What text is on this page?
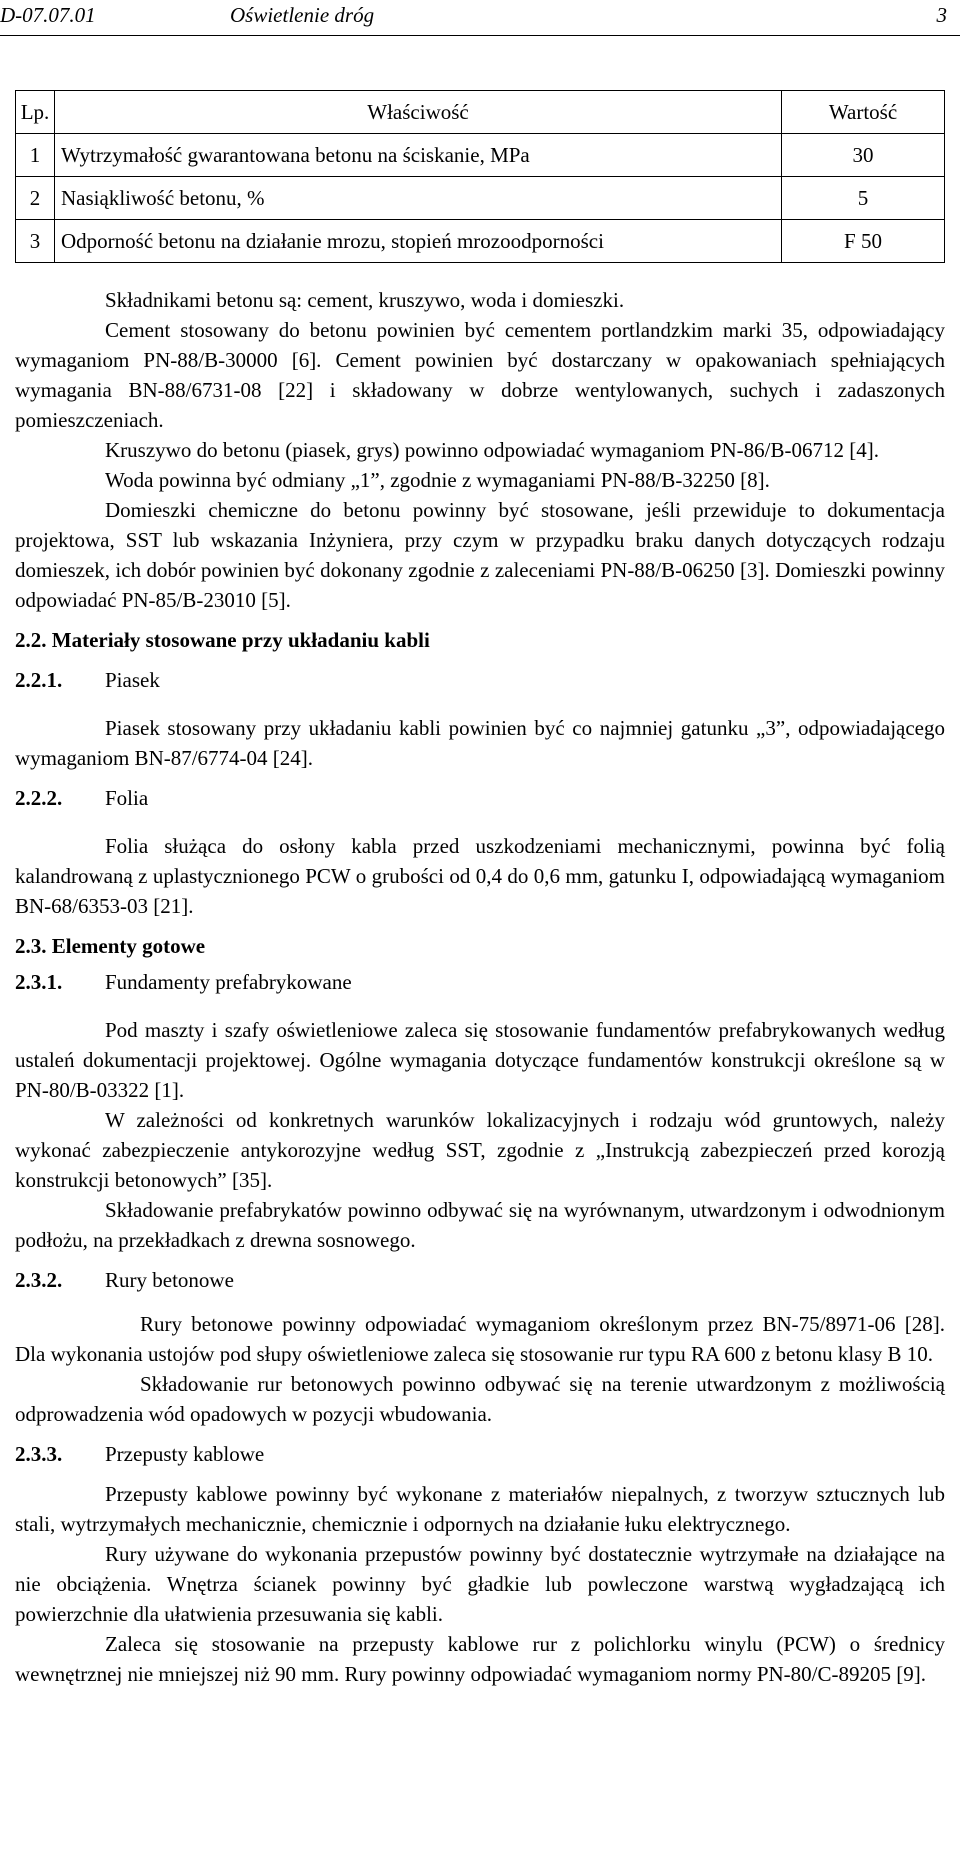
D-07.07.01	Oświetlenie dróg	3
Lp.	Właściwość	Wartość
1	Wytrzymałość gwarantowana betonu na ściskanie, MPa	30
2	Nasiąkliwość betonu, %	5
3	Odporność betonu na działanie mrozu, stopień mrozoodporności	F 50

Składnikami betonu są: cement, kruszywo, woda i domieszki.

Cement stosowany do betonu powinien być cementem portlandzkim marki 35, odpowiadający wymaganiom PN-88/B-30000 [6]. Cement powinien być dostarczany w opakowaniach spełniających wymagania BN-88/6731-08 [22] i składowany w dobrze wentylowanych, suchych i zadaszonych pomieszczeniach.

Kruszywo do betonu (piasek, grys) powinno odpowiadać wymaganiom PN-86/B-06712 [4].

Woda powinna być odmiany „1”, zgodnie z wymaganiami PN-88/B-32250 [8].

Domieszki chemiczne do betonu powinny być stosowane, jeśli przewiduje to dokumentacja projektowa, SST lub wskazania Inżyniera, przy czym w przypadku braku danych dotyczących rodzaju domieszek, ich dobór powinien być dokonany zgodnie z zaleceniami PN-88/B-06250 [3]. Domieszki powinny odpowiadać PN-85/B-23010 [5].

2.2. Materiały stosowane przy układaniu kabli
2.2.1. Piasek

Piasek stosowany przy układaniu kabli powinien być co najmniej gatunku „3”, odpowiadającego wymaganiom BN-87/6774-04 [24].

2.2.2. Folia

Folia służąca do osłony kabla przed uszkodzeniami mechanicznymi, powinna być folią kalandrowaną z uplastycznionego PCW o grubości od 0,4 do 0,6 mm, gatunku I, odpowiadającą wymaganiom BN-68/6353-03 [21].

2.3. Elementy gotowe
2.3.1. Fundamenty prefabrykowane

Pod maszty i szafy oświetleniowe zaleca się stosowanie fundamentów prefabrykowanych według ustaleń dokumentacji projektowej. Ogólne wymagania dotyczące fundamentów konstrukcji określone są w PN-80/B-03322 [1].

W zależności od konkretnych warunków lokalizacyjnych i rodzaju wód gruntowych, należy wykonać zabezpieczenie antykorozyjne według SST, zgodnie z „Instrukcją zabezpieczeń przed korozją konstrukcji betonowych” [35].

Składowanie prefabrykatów powinno odbywać się na wyrównanym, utwardzonym i odwodnionym podłożu, na przekładkach z drewna sosnowego.

2.3.2. Rury betonowe

Rury betonowe powinny odpowiadać wymaganiom określonym przez BN-75/8971-06 [28]. Dla wykonania ustojów pod słupy oświetleniowe zaleca się stosowanie rur typu RA 600 z betonu klasy B 10.

Składowanie rur betonowych powinno odbywać się na terenie utwardzonym z możliwością odprowadzenia wód opadowych w pozycji wbudowania.

2.3.3. Przepusty kablowe

Przepusty kablowe powinny być wykonane z materiałów niepalnych, z tworzyw sztucznych lub stali, wytrzymałych mechanicznie, chemicznie i odpornych na działanie łuku elektrycznego.

Rury używane do wykonania przepustów powinny być dostatecznie wytrzymałe na działające na nie obciążenia. Wnętrza ścianek powinny być gładkie lub powleczone warstwą wygładzającą ich powierzchnie dla ułatwienia przesuwania się kabli.

Zaleca się stosowanie na przepusty kablowe rur z polichlorku winylu (PCW) o średnicy wewnętrznej nie mniejszej niż 90 mm. Rury powinny odpowiadać wymaganiom normy PN-80/C-89205 [9].
